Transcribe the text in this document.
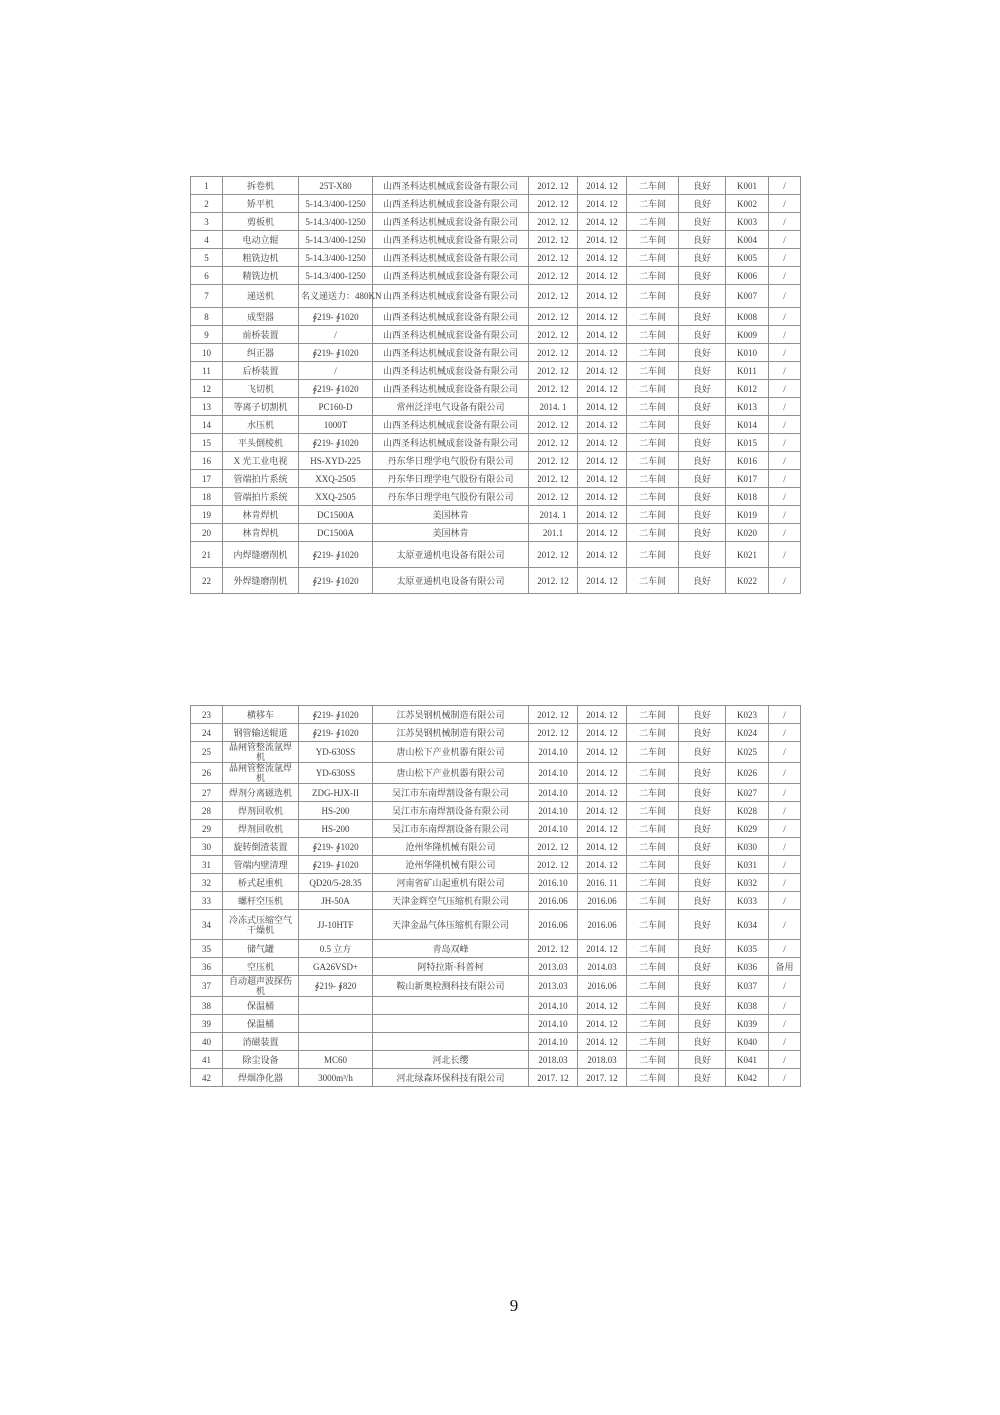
1	拆卷机	25T-X80	山西圣科达机械成套设备有限公司	2012. 12	2014. 12	二车间	良好	K001	/
2	矫平机	5-14.3/400-1250	山西圣科达机械成套设备有限公司	2012. 12	2014. 12	二车间	良好	K002	/
3	剪板机	5-14.3/400-1250	山西圣科达机械成套设备有限公司	2012. 12	2014. 12	二车间	良好	K003	/
4	电动立辊	5-14.3/400-1250	山西圣科达机械成套设备有限公司	2012. 12	2014. 12	二车间	良好	K004	/
5	粗铣边机	5-14.3/400-1250	山西圣科达机械成套设备有限公司	2012. 12	2014. 12	二车间	良好	K005	/
6	精铣边机	5-14.3/400-1250	山西圣科达机械成套设备有限公司	2012. 12	2014. 12	二车间	良好	K006	/
7	递送机	名义递送力：480KN	山西圣科达机械成套设备有限公司	2012. 12	2014. 12	二车间	良好	K007	/
8	成型器	∮219- ∮1020	山西圣科达机械成套设备有限公司	2012. 12	2014. 12	二车间	良好	K008	/
9	前桥装置	/	山西圣科达机械成套设备有限公司	2012. 12	2014. 12	二车间	良好	K009	/
10	纠正器	∮219- ∮1020	山西圣科达机械成套设备有限公司	2012. 12	2014. 12	二车间	良好	K010	/
11	后桥装置	/	山西圣科达机械成套设备有限公司	2012. 12	2014. 12	二车间	良好	K011	/
12	飞切机	∮219- ∮1020	山西圣科达机械成套设备有限公司	2012. 12	2014. 12	二车间	良好	K012	/
13	等离子切割机	PC160-D	常州泛洋电气设备有限公司	2014. 1	2014. 12	二车间	良好	K013	/
14	水压机	1000T	山西圣科达机械成套设备有限公司	2012. 12	2014. 12	二车间	良好	K014	/
15	平头倒棱机	∮219- ∮1020	山西圣科达机械成套设备有限公司	2012. 12	2014. 12	二车间	良好	K015	/
16	X 光工业电视	HS-XYD-225	丹东华日理学电气股份有限公司	2012. 12	2014. 12	二车间	良好	K016	/
17	管端拍片系统	XXQ-2505	丹东华日理学电气股份有限公司	2012. 12	2014. 12	二车间	良好	K017	/
18	管端拍片系统	XXQ-2505	丹东华日理学电气股份有限公司	2012. 12	2014. 12	二车间	良好	K018	/
19	林肯焊机	DC1500A	美国林肯	2014. 1	2014. 12	二车间	良好	K019	/
20	林肯焊机	DC1500A	美国林肯	201.1	2014. 12	二车间	良好	K020	/
21	内焊缝磨削机	∮219- ∮1020	太原亚通机电设备有限公司	2012. 12	2014. 12	二车间	良好	K021	/
22	外焊缝磨削机	∮219- ∮1020	太原亚通机电设备有限公司	2012. 12	2014. 12	二车间	良好	K022	/
23	横移车	∮219- ∮1020	江苏昊钢机械制造有限公司	2012. 12	2014. 12	二车间	良好	K023	/
24	钢管输送辊道	∮219- ∮1020	江苏昊钢机械制造有限公司	2012. 12	2014. 12	二车间	良好	K024	/
25	晶闸管整流氩焊机	YD-630SS	唐山松下产业机器有限公司	2014.10	2014. 12	二车间	良好	K025	/
26	晶闸管整流氩焊机	YD-630SS	唐山松下产业机器有限公司	2014.10	2014. 12	二车间	良好	K026	/
27	焊剂分离磁选机	ZDG-HJX-II	吴江市东南焊割设备有限公司	2014.10	2014. 12	二车间	良好	K027	/
28	焊剂回收机	HS-200	吴江市东南焊割设备有限公司	2014.10	2014. 12	二车间	良好	K028	/
29	焊剂回收机	HS-200	吴江市东南焊割设备有限公司	2014.10	2014. 12	二车间	良好	K029	/
30	旋转倒渣装置	∮219- ∮1020	沧州华隆机械有限公司	2012. 12	2014. 12	二车间	良好	K030	/
31	管端内壁清理	∮219- ∮1020	沧州华隆机械有限公司	2012. 12	2014. 12	二车间	良好	K031	/
32	桥式起重机	QD20/5-28.35	河南省矿山起重机有限公司	2016.10	2016. 11	二车间	良好	K032	/
33	螺杆空压机	JH-50A	天津金辉空气压缩机有限公司	2016.06	2016.06	二车间	良好	K033	/
34	冷冻式压缩空气干燥机	JJ-10HTF	天津金晶气体压缩机有限公司	2016.06	2016.06	二车间	良好	K034	/
35	储气罐	0.5 立方	青岛双峰	2012. 12	2014. 12	二车间	良好	K035	/
36	空压机	GA26VSD+	阿特拉斯·科普柯	2013.03	2014.03	二车间	良好	K036	备用
37	自动超声波探伤机	∮219- ∮820	鞍山新奥检测科技有限公司	2013.03	2016.06	二车间	良好	K037	/
38	保温桶			2014.10	2014. 12	二车间	良好	K038	/
39	保温桶			2014.10	2014. 12	二车间	良好	K039	/
40	消磁装置			2014.10	2014. 12	二车间	良好	K040	/
41	除尘设备	MC60	河北长缨	2018.03	2018.03	二车间	良好	K041	/
42	焊烟净化器	3000m³/h	河北绿森环保科技有限公司	2017. 12	2017. 12	二车间	良好	K042	/
9
